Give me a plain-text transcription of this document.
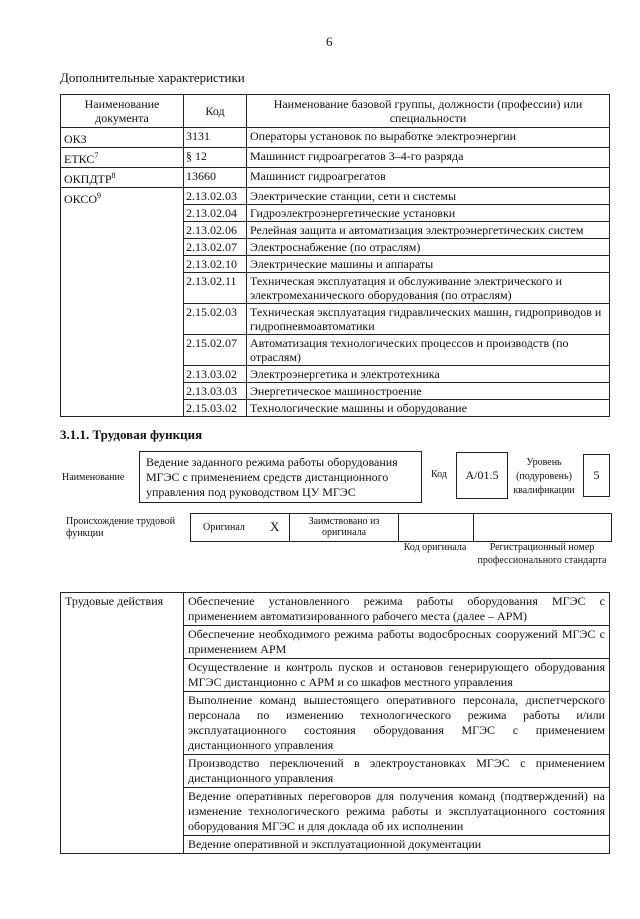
6
Дополнительные характеристики
Наименование документа	Код	Наименование базовой группы, должности (профессии) или специальности
ОКЗ	3131	Операторы установок по выработке электроэнергии
ЕТКС$^7$	§ 12	Машинист гидроагрегатов 3–4-го разряда
ОКПДТР$^8$	13660	Машинист гидроагрегатов
ОКСО$^9$	2.13.02.03	Электрические станции, сети и системы
	2.13.02.04	Гидроэлектроэнергетические установки
	2.13.02.06	Релейная защита и автоматизация электроэнергетических систем
	2.13.02.07	Электроснабжение (по отраслям)
	2.13.02.10	Электрические машины и аппараты
	2.13.02.11	Техническая эксплуатация и обслуживание электрического и электромеханического оборудования (по отраслям)
	2.15.02.03	Техническая эксплуатация гидравлических машин, гидроприводов и гидропневмоавтоматики
	2.15.02.07	Автоматизация технологических процессов и производств (по отраслям)
	2.13.03.02	Электроэнергетика и электротехника
	2.13.03.03	Энергетическое машиностроение
	2.15.03.02	Технологические машины и оборудование
3.1.1. Трудовая функция
Наименование
Ведение заданного режима работы оборудования МГЭС с применением средств дистанционного управления под руководством ЦУ МГЭС
Код A/01.5
Уровень (подуровень) квалификации
5
Происхождение трудовой функции
Оригинал X	Заимствовано из оригинала
Код оригинала	Регистрационный номер профессионального стандарта
Трудовые действия	Обеспечение установленного режима работы оборудования МГЭС с применением автоматизированного рабочего места (далее – АРМ)
Обеспечение необходимого режима работы водосбросных сооружений МГЭС с применением АРМ
Осуществление и контроль пусков и остановов генерирующего оборудования МГЭС дистанционно с АРМ и со шкафов местного управления
Выполнение команд вышестоящего оперативного персонала, диспетчерского персонала по изменению технологического режима работы и/или эксплуатационного состояния оборудования МГЭС с применением дистанционного управления
Производство переключений в электроустановках МГЭС с применением дистанционного управления
Ведение оперативных переговоров для получения команд (подтверждений) на изменение технологического режима работы и эксплуатационного состояния оборудования МГЭС и для доклада об их исполнении
Ведение оперативной и эксплуатационной документации
